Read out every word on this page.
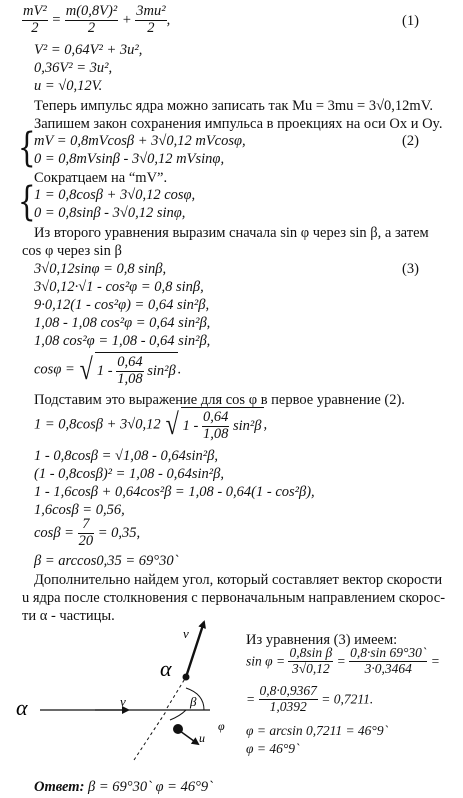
$\frac{\text{mV²}}{2} = \frac{\text{m(0,8V)²}}{2} + \frac{\text{3mu²}}{2}$ ,	(1)
V² = 0,64V² + 3u²,
0,36V² = 3u²,
u = √0,12V.
Теперь импульс ядра можно записать так Mu = 3mu = 3√0,12mV.
Запишем закон сохранения импульса в проекциях на оси Ox и Oy.
{
mV = 0,8mVcosβ + 3√0,12 mVcosφ,
0 = 0,8mVsinβ - 3√0,12 mVsinφ,
(2)
Сократцаем на “mV”.
{
1 = 0,8cosβ + 3√0,12 cosφ,
0 = 0,8sinβ - 3√0,12 sinφ,
Из второго уравнения выразим сначала sin φ через sin β, а затем
cos φ через sin β
3√0,12sinφ = 0,8 sinβ,	(3)
3√0,12·√1 - cos²φ = 0,8 sinβ,
9·0,12(1 - cos²φ) = 0,64 sin²β,
1,08 - 1,08 cos²φ = 0,64 sin²β,
1,08 cos²φ = 1,08 - 0,64 sin²β,
cosφ = √ $1 - \frac{0,64}{1,08} \sin^2\beta$ .
Подставим это выражение для cos φ в первое уравнение (2).
1 = 0,8cosβ + 3√0,12 √ $1 - \frac{0,64}{1,08} \sin^2\beta$ ,
1 - 0,8cosβ = √1,08 - 0,64sin²β,
(1 - 0,8cosβ)² = 1,08 - 0,64sin²β,
1 - 1,6cosβ + 0,64cos²β = 1,08 - 0,64(1 - cos²β),
1,6cosβ = 0,56,
$\cos\beta = \frac{7}{20} = 0,35$,
β = arccos0,35 = 69°30`
Дополнительно найдем угол, который составляет вектор скорости
u ядра после столкновения с первоначальным направлением скорос-
ти α - частицы.
Из уравнения (3) имеем:
$\sin \varphi = \frac{\text{0,8sin β}}{3√0,12} = \frac{0,8\cdot\sin 69^\circ 30`}{3\cdot 0,3464}$ =
= $\frac{0,8\cdot 0,9367}{1,0392} = 0,7211$.
φ = arcsin 0,7211 = 46°9`
φ = 46°9`
α	v
α
v
β
φ
u
Ответ: β = 69°30` φ = 46°9`
